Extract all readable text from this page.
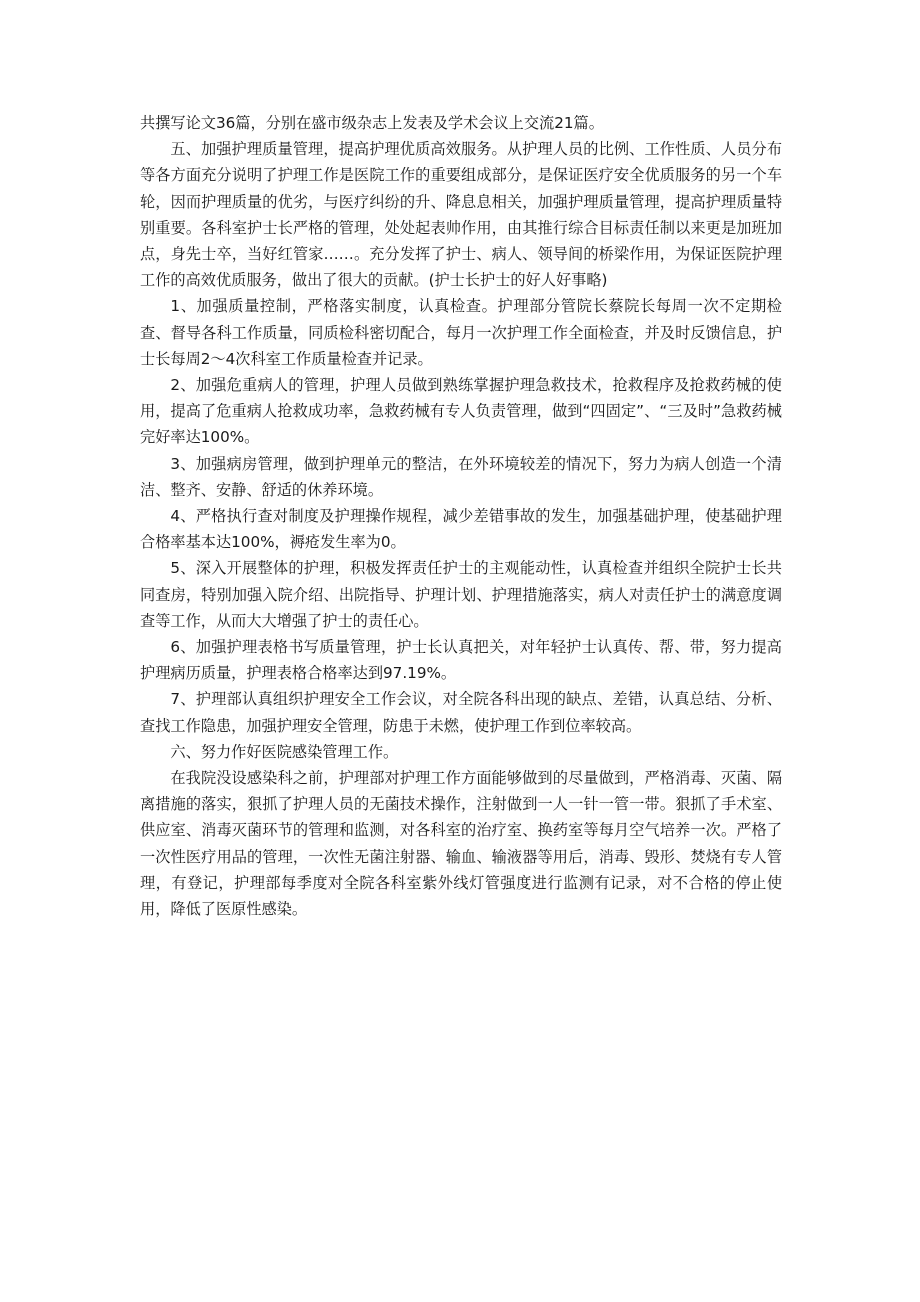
共撰写论文36篇，分别在盛市级杂志上发表及学术会议上交流21篇。

五、加强护理质量管理，提高护理优质高效服务。从护理人员的比例、工作性质、人员分布等各方面充分说明了护理工作是医院工作的重要组成部分，是保证医疗安全优质服务的另一个车轮，因而护理质量的优劣，与医疗纠纷的升、降息息相关，加强护理质量管理，提高护理质量特别重要。各科室护士长严格的管理，处处起表帅作用，由其推行综合目标责任制以来更是加班加点，身先士卒，当好红管家……。充分发挥了护士、病人、领导间的桥梁作用，为保证医院护理工作的高效优质服务，做出了很大的贡献。(护士长护士的好人好事略)

1、加强质量控制，严格落实制度，认真检查。护理部分管院长蔡院长每周一次不定期检查、督导各科工作质量，同质检科密切配合，每月一次护理工作全面检查，并及时反馈信息，护士长每周2～4次科室工作质量检查并记录。

2、加强危重病人的管理，护理人员做到熟练掌握护理急救技术，抢救程序及抢救药械的使用，提高了危重病人抢救成功率，急救药械有专人负责管理，做到“四固定”、“三及时”急救药械完好率达100%。

3、加强病房管理，做到护理单元的整洁，在外环境较差的情况下，努力为病人创造一个清洁、整齐、安静、舒适的休养环境。

4、严格执行查对制度及护理操作规程，减少差错事故的发生，加强基础护理，使基础护理合格率基本达100%，褥疮发生率为0。

5、深入开展整体的护理，积极发挥责任护士的主观能动性，认真检查并组织全院护士长共同查房，特别加强入院介绍、出院指导、护理计划、护理措施落实，病人对责任护士的满意度调查等工作，从而大大增强了护士的责任心。

6、加强护理表格书写质量管理，护士长认真把关，对年轻护士认真传、帮、带，努力提高护理病历质量，护理表格合格率达到97.19%。

7、护理部认真组织护理安全工作会议，对全院各科出现的缺点、差错，认真总结、分析、查找工作隐患，加强护理安全管理，防患于未燃，使护理工作到位率较高。

六、努力作好医院感染管理工作。

在我院没设感染科之前，护理部对护理工作方面能够做到的尽量做到，严格消毒、灭菌、隔离措施的落实，狠抓了护理人员的无菌技术操作，注射做到一人一针一管一带。狠抓了手术室、供应室、消毒灭菌环节的管理和监测，对各科室的治疗室、换药室等每月空气培养一次。严格了一次性医疗用品的管理，一次性无菌注射器、输血、输液器等用后，消毒、毁形、焚烧有专人管理，有登记，护理部每季度对全院各科室紫外线灯管强度进行监测有记录，对不合格的停止使用，降低了医原性感染。
